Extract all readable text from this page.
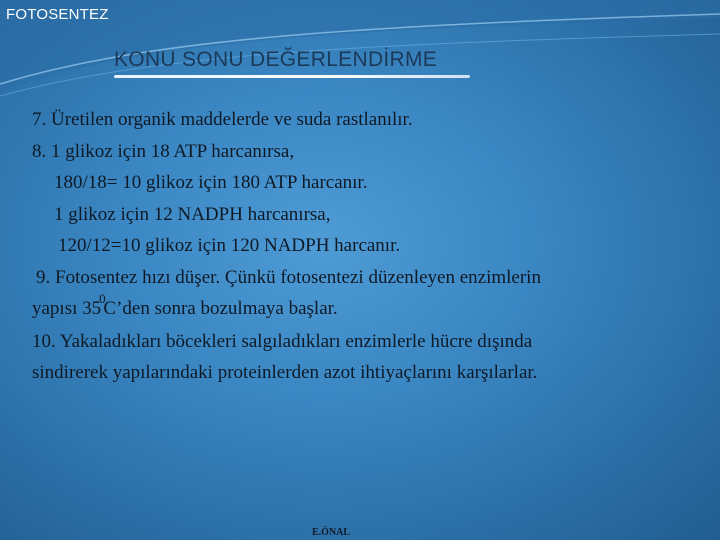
FOTOSENTEZ
KONU SONU DEĞERLENDİRME
7. Üretilen organik maddelerde ve suda rastlanılır.
8. 1 glikoz için 18 ATP harcanırsa,
180/18= 10 glikoz için 180 ATP harcanır.
1 glikoz için 12 NADPH harcanırsa,
120/12=10 glikoz için 120 NADPH harcanır.
9. Fotosentez hızı düşer. Çünkü fotosentezi düzenleyen enzimlerin
yapısı $35^0$ C’den sonra bozulmaya başlar.
10. Yakaladıkları böcekleri salgıladıkları enzimlerle hücre dışında
sindirerek yapılarındaki proteinlerden azot ihtiyaçlarını karşılarlar.
E.ÖNAL
